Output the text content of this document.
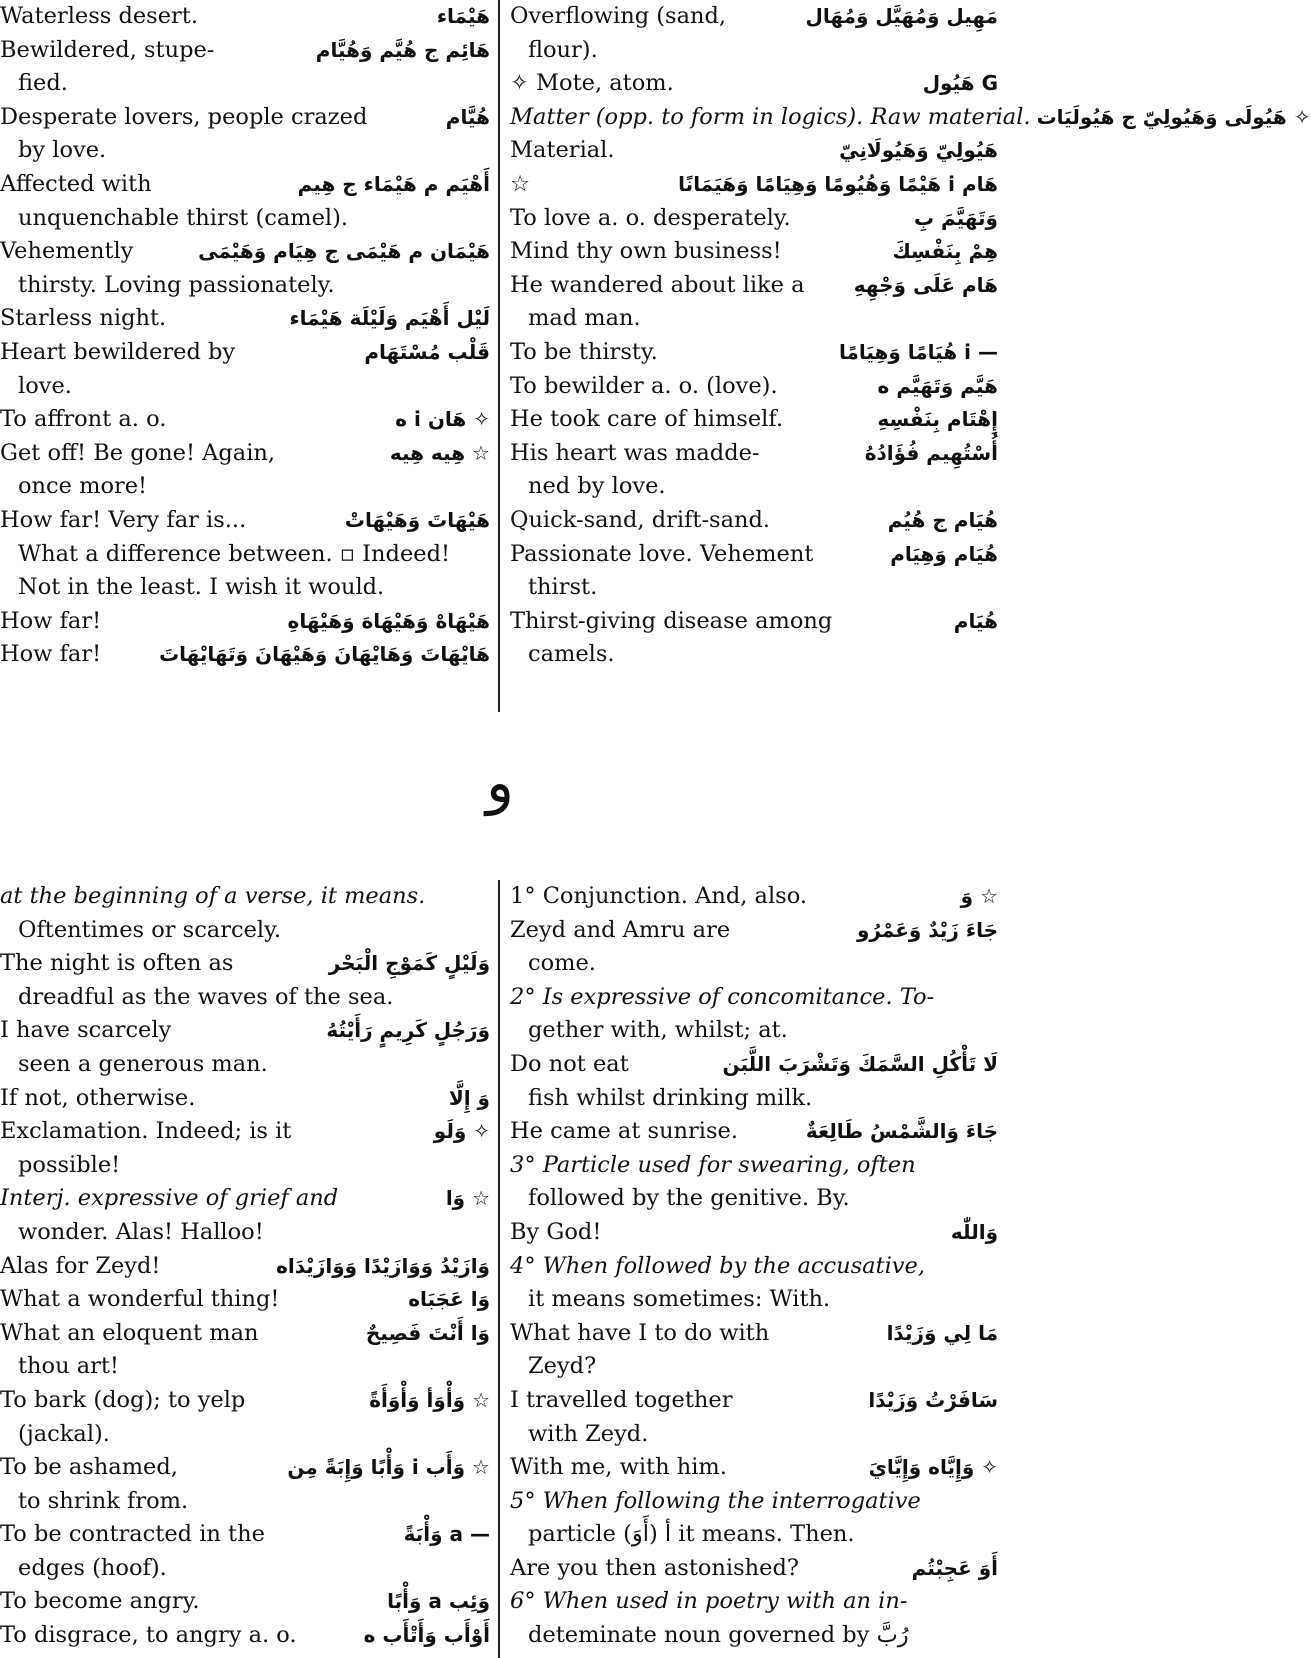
Waterless desert.	هَيْمَاء
Bewildered, stupe-	هَائِم ج هُيَّم وَهُيَّام
fied.
Desperate lovers, people crazed	هُيَّام
by love.
Affected with	أَهْيَم م هَيْمَاء ج هِيم
unquenchable thirst (camel).
Vehemently	هَيْمَان م هَيْمَى ج هِيَام وَهَيْمَى
thirsty. Loving passionately.
Starless night.	لَيْل أَهْيَم وَلَيْلَة هَيْمَاء
Heart bewildered by	قَلْب مُسْتَهَام
love.
To affront a. o.	✧ هَان i ه
Get off! Be gone! Again,	☆ هِيه هِيه
once more!
How far! Very far is...	هَيْهَاتَ وَهَيْهَاتْ
What a difference between. ▫ Indeed!
Not in the least. I wish it would.
How far!	هَيْهَاهْ وَهَيْهَاهَ وَهَيْهَاهِ
How far!	هَايْهَاتَ وَهَايْهَانَ وَهَيْهَانَ وَتَهَايْهَاتَ
Overflowing (sand,	مَهِيل وَمُهَيَّل وَمُهَال
flour).
✧ Mote, atom.	G هَيُول
Matter (opp. to form in logics). Raw material. ✧ هَيُولَى وَهَيُولِيّ ج هَيُولَيَات
Material.	هَيُولِيّ وَهَيُولَانِيّ
☆	هَام i هَيْمًا وَهُيُومًا وَهِيَامًا وَهَيَمَانًا
To love a. o. desperately.	وَتَهَيَّمَ بِ
Mind thy own business!	هِمْ بِنَفْسِكَ
He wandered about like a	هَام عَلَى وَجْهِهِ
mad man.
To be thirsty.	— i هُيَامًا وَهِيَامًا
To bewilder a. o. (love).	هَيَّم وَتَهَيَّم ه
He took care of himself.	إِهْتَام بِنَفْسِهِ
His heart was madde-	أُسْتُهِيم فُؤَادُهُ
ned by love.
Quick-sand, drift-sand.	هُيَام ج هُيُم
Passionate love. Vehement	هُيَام وَهِيَام
thirst.
Thirst-giving disease among	هُيَام
camels.
و
at the beginning of a verse, it means.
Oftentimes or scarcely.
The night is often as	وَلَيْلٍ كَمَوْجِ الْبَحْر
dreadful as the waves of the sea.
I have scarcely	وَرَجُلٍ كَرِيمٍ رَأَيْتُهُ
seen a generous man.
If not, otherwise.	وَ إِلَّا
Exclamation. Indeed; is it	✧ وَلَو
possible!
Interj. expressive of grief and	☆ وَا
wonder. Alas! Halloo!
Alas for Zeyd!	وَازَيْدُ وَوَازَيْدًا وَوَازَيْدَاه
What a wonderful thing!	وَا عَجَبَاه
What an eloquent man	وَا أَنْتَ فَصِيحٌ
thou art!
To bark (dog); to yelp	☆ وَأْوَأ وَأْوَأَةً
(jackal).
To be ashamed,	☆ وَأَب i وَأْبًا وَإِبَةً مِن
to shrink from.
To be contracted in the	— a وَأْبَةً
edges (hoof).
To become angry.	وَئِب a وَأْبًا
To disgrace, to angry a. o.	أَوْأَب وَأَتْأَب ه
1° Conjunction. And, also.	☆ وَ
Zeyd and Amru are	جَاءَ زَيْدٌ وَعَمْرُو
come.
2° Is expressive of concomitance. To-
gether with, whilst; at.
Do not eat	لَا تَأْكُلِ السَّمَكَ وَتَشْرَبَ اللَّبَن
fish whilst drinking milk.
He came at sunrise.	جَاءَ وَالشَّمْسُ طَالِعَةٌ
3° Particle used for swearing, often
followed by the genitive. By.
By God!	وَاللّٰه
4° When followed by the accusative,
it means sometimes: With.
What have I to do with	مَا لِي وَزَيْدًا
Zeyd?
I travelled together	سَافَرْتُ وَزَيْدًا
with Zeyd.
With me, with him.	✧ وَإِيَّاه وَإِيَّايَ
5° When following the interrogative
particle أ (أَوَ) it means. Then.
Are you then astonished?	أَوَ عَجِبْتُم
6° When used in poetry with an in-
deteminate noun governed by رُبَّ
